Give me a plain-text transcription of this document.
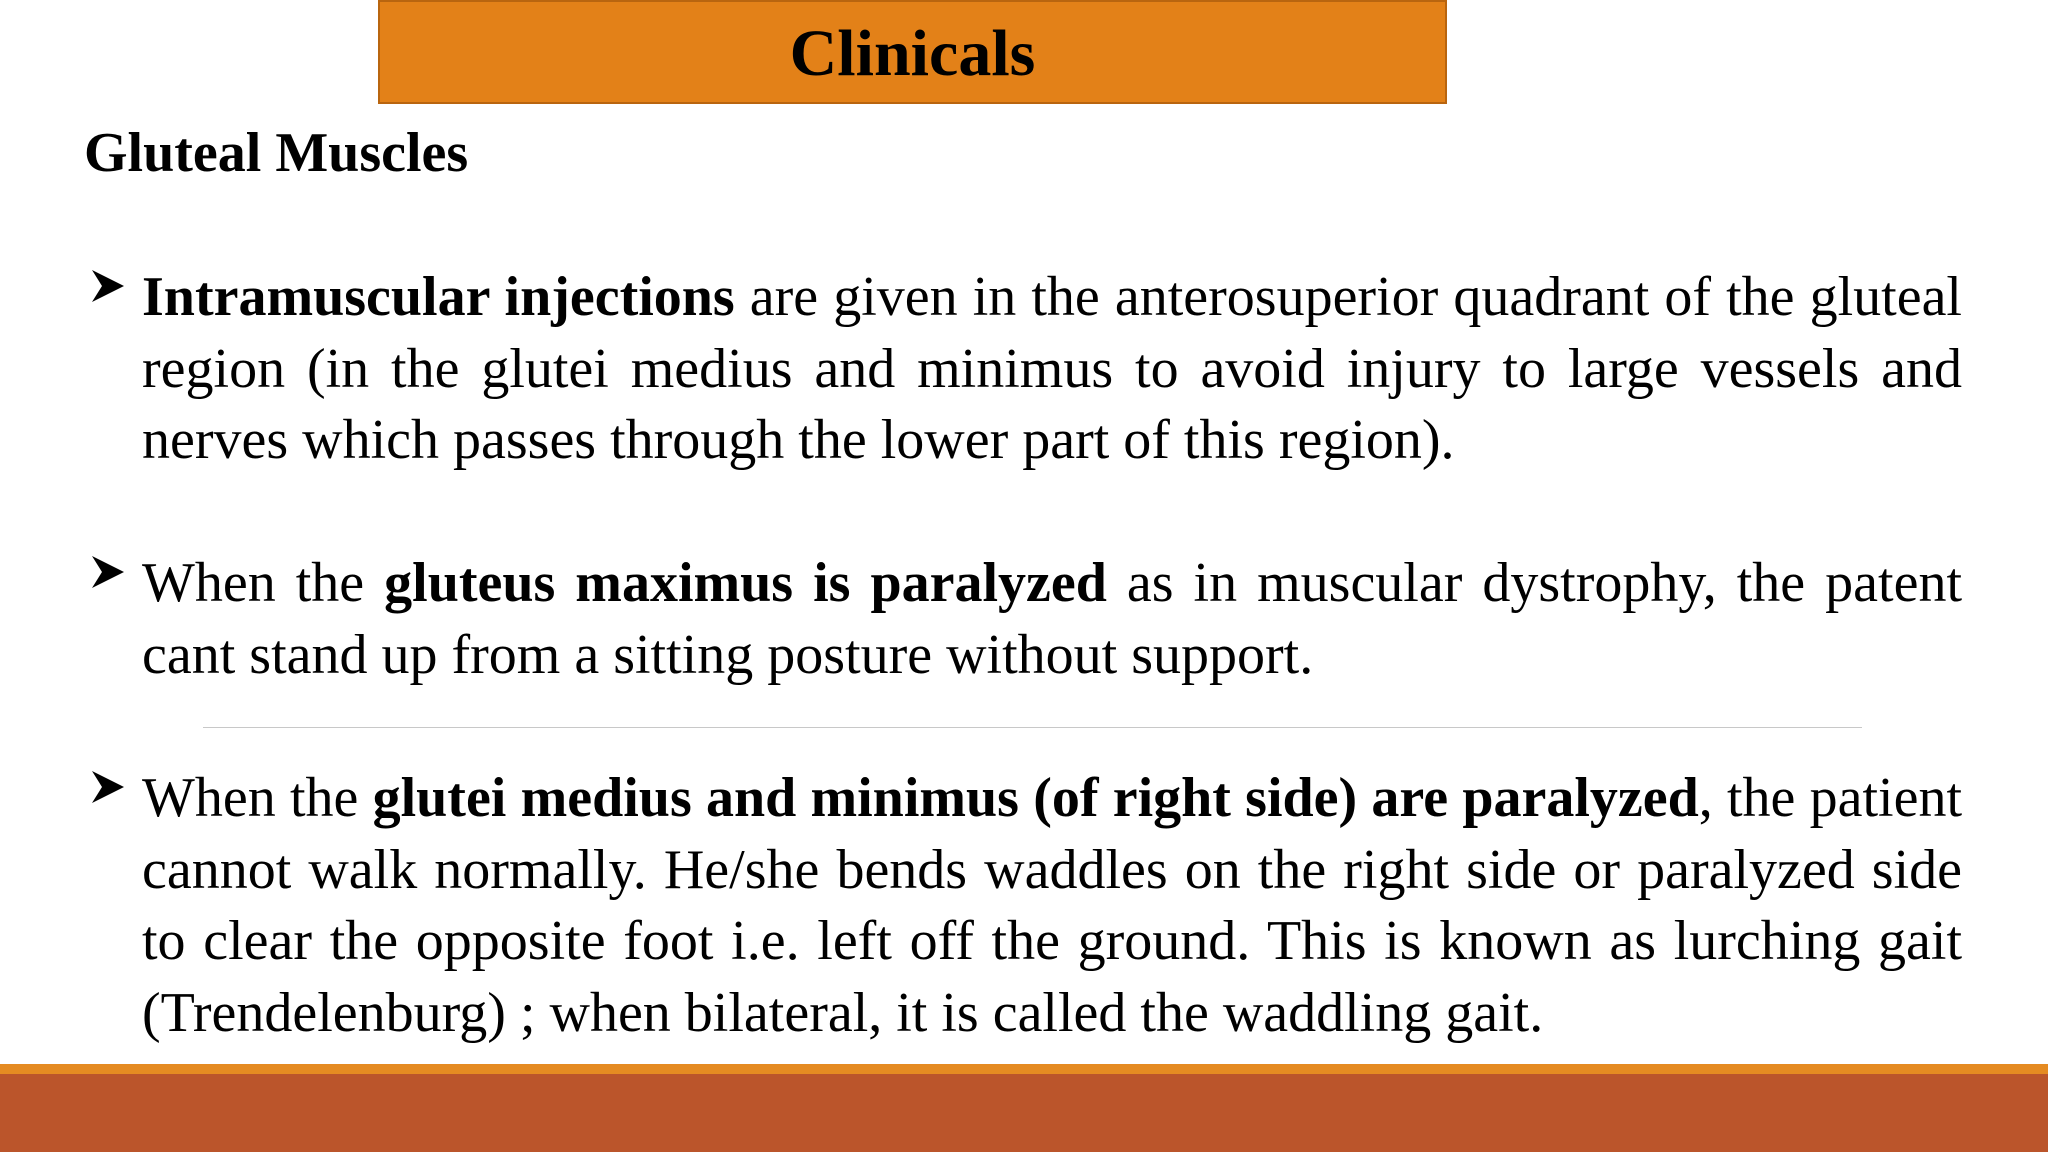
Clinicals
Gluteal Muscles
Intramuscular injections are given in the anterosuperior quadrant of the gluteal region (in the glutei medius and minimus to avoid injury to large vessels and nerves which passes through the lower part of this region).
When the gluteus maximus is paralyzed as in muscular dystrophy, the patent cant stand up from a sitting posture without support.
When the glutei medius and minimus (of right side) are paralyzed, the patient cannot walk normally. He/she bends waddles on the right side or paralyzed side to clear the opposite foot i.e. left off the ground. This is known as lurching gait (Trendelenburg) ; when bilateral, it is called the waddling gait.
